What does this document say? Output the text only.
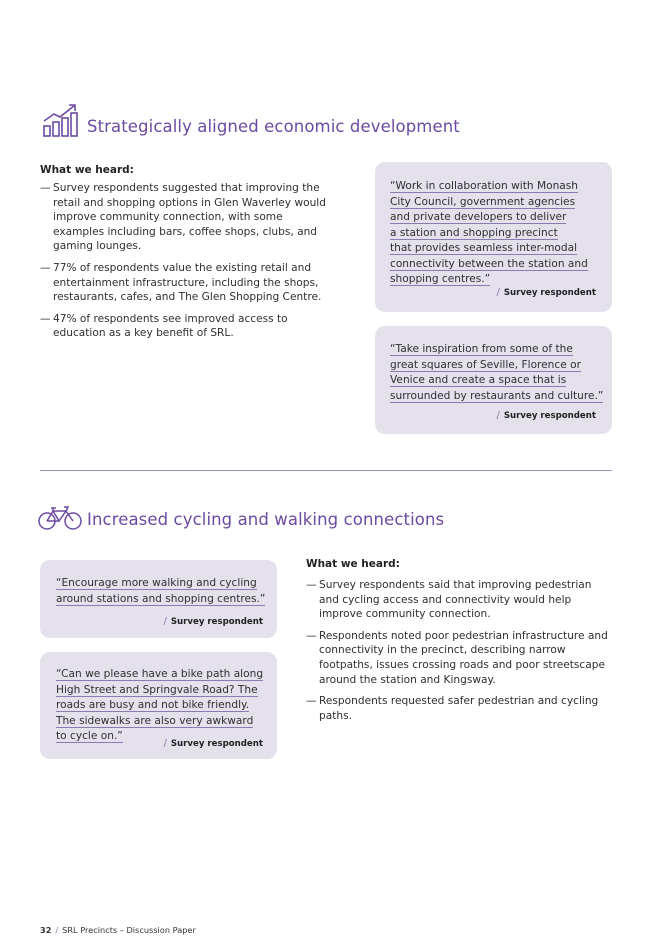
Strategically aligned economic development
What we heard:
— Survey respondents suggested that improving the retail and shopping options in Glen Waverley would improve community connection, with some examples including bars, coffee shops, clubs, and gaming lounges.
— 77% of respondents value the existing retail and entertainment infrastructure, including the shops, restaurants, cafes, and The Glen Shopping Centre.
— 47% of respondents see improved access to education as a key benefit of SRL.
“Work in collaboration with Monash
City Council, government agencies
and private developers to deliver
a station and shopping precinct
that provides seamless inter-modal
connectivity between the station and
shopping centres.”
/ Survey respondent
“Take inspiration from some of the
great squares of Seville, Florence or
Venice and create a space that is
surrounded by restaurants and culture.”
/ Survey respondent
Increased cycling and walking connections
“Encourage more walking and cycling
around stations and shopping centres.”
/ Survey respondent
“Can we please have a bike path along
High Street and Springvale Road? The
roads are busy and not bike friendly.
The sidewalks are also very awkward
to cycle on.”
/ Survey respondent
What we heard:
— Survey respondents said that improving pedestrian and cycling access and connectivity would help improve community connection.
— Respondents noted poor pedestrian infrastructure and connectivity in the precinct, describing narrow footpaths, issues crossing roads and poor streetscape around the station and Kingsway.
— Respondents requested safer pedestrian and cycling paths.
32 / SRL Precincts – Discussion Paper
